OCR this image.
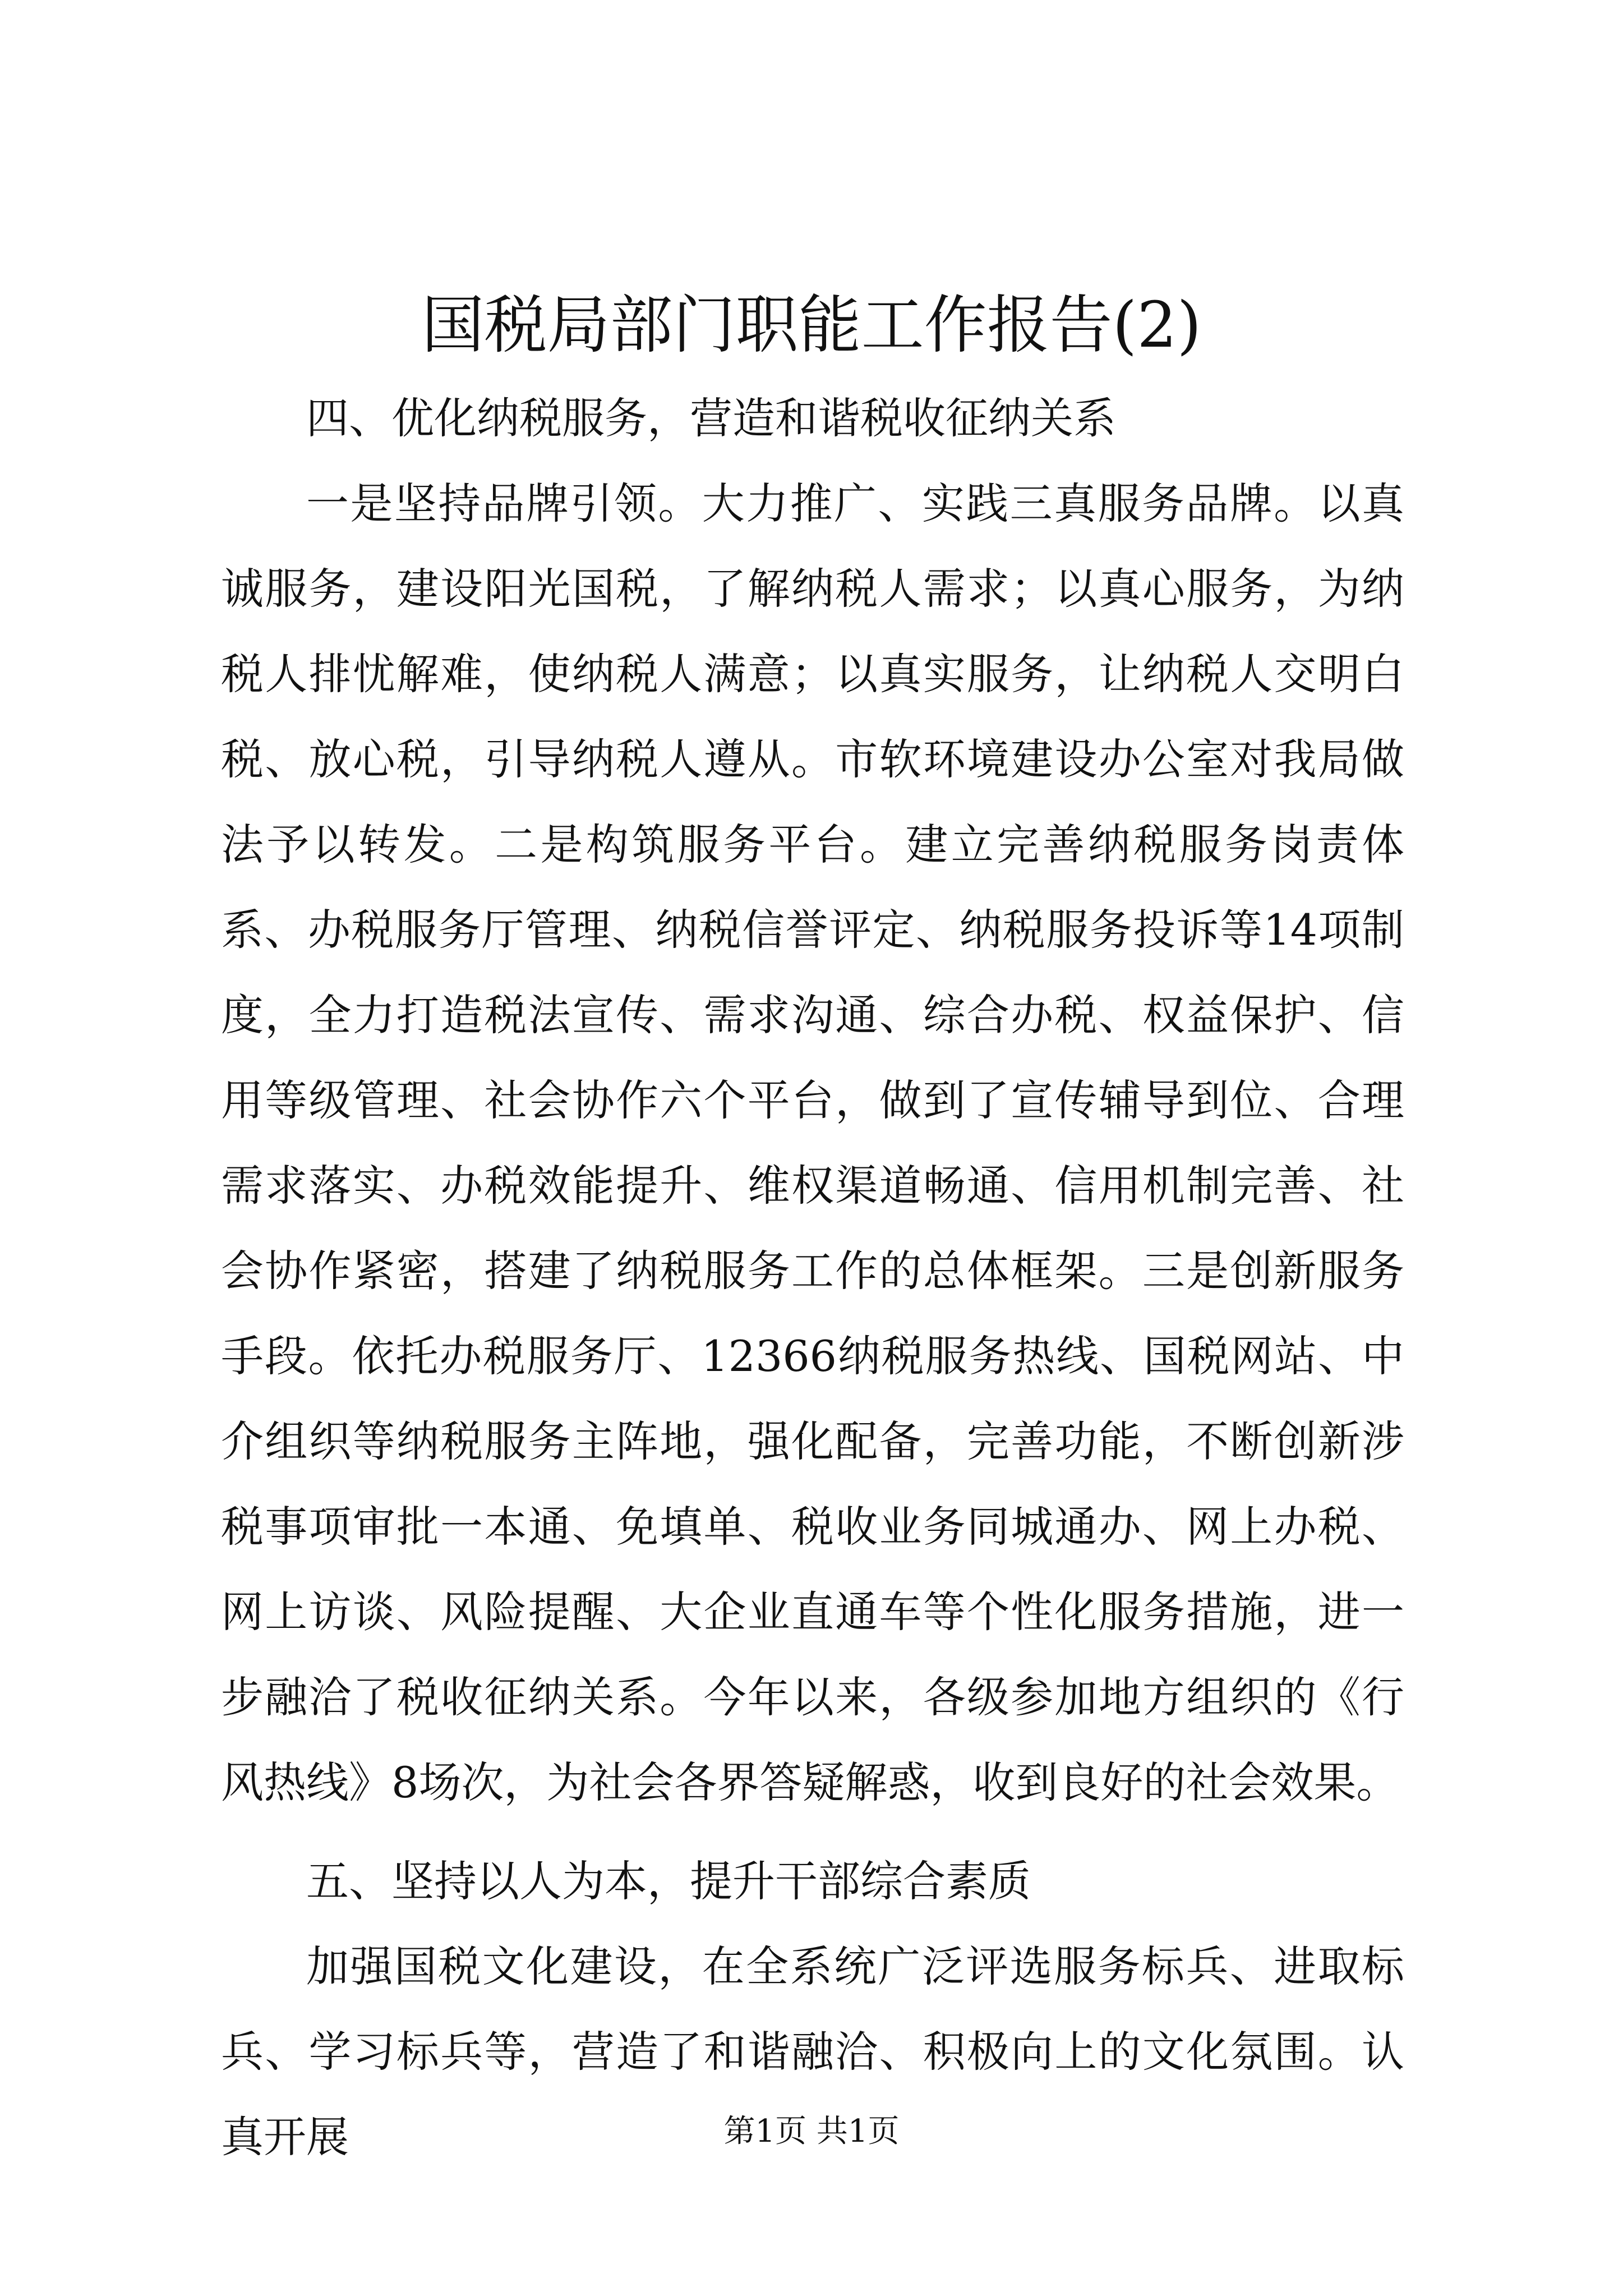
国税局部门职能工作报告(2)

四、优化纳税服务，营造和谐税收征纳关系

一是坚持品牌引领。大力推广、实践三真服务品牌。以真诚服务，建设阳光国税，了解纳税人需求；以真心服务，为纳税人排忧解难，使纳税人满意；以真实服务，让纳税人交明白税、放心税，引导纳税人遵从。市软环境建设办公室对我局做法予以转发。二是构筑服务平台。建立完善纳税服务岗责体系、办税服务厅管理、纳税信誉评定、纳税服务投诉等14项制度，全力打造税法宣传、需求沟通、综合办税、权益保护、信用等级管理、社会协作六个平台，做到了宣传辅导到位、合理需求落实、办税效能提升、维权渠道畅通、信用机制完善、社会协作紧密，搭建了纳税服务工作的总体框架。三是创新服务手段。依托办税服务厅、12366纳税服务热线、国税网站、中介组织等纳税服务主阵地，强化配备，完善功能，不断创新涉税事项审批一本通、免填单、税收业务同城通办、网上办税、网上访谈、风险提醒、大企业直通车等个性化服务措施，进一步融洽了税收征纳关系。今年以来，各级参加地方组织的《行风热线》8场次，为社会各界答疑解惑，收到良好的社会效果。

五、坚持以人为本，提升干部综合素质

加强国税文化建设，在全系统广泛评选服务标兵、进取标兵、学习标兵等，营造了和谐融洽、积极向上的文化氛围。认真开展	第1页 共1页
